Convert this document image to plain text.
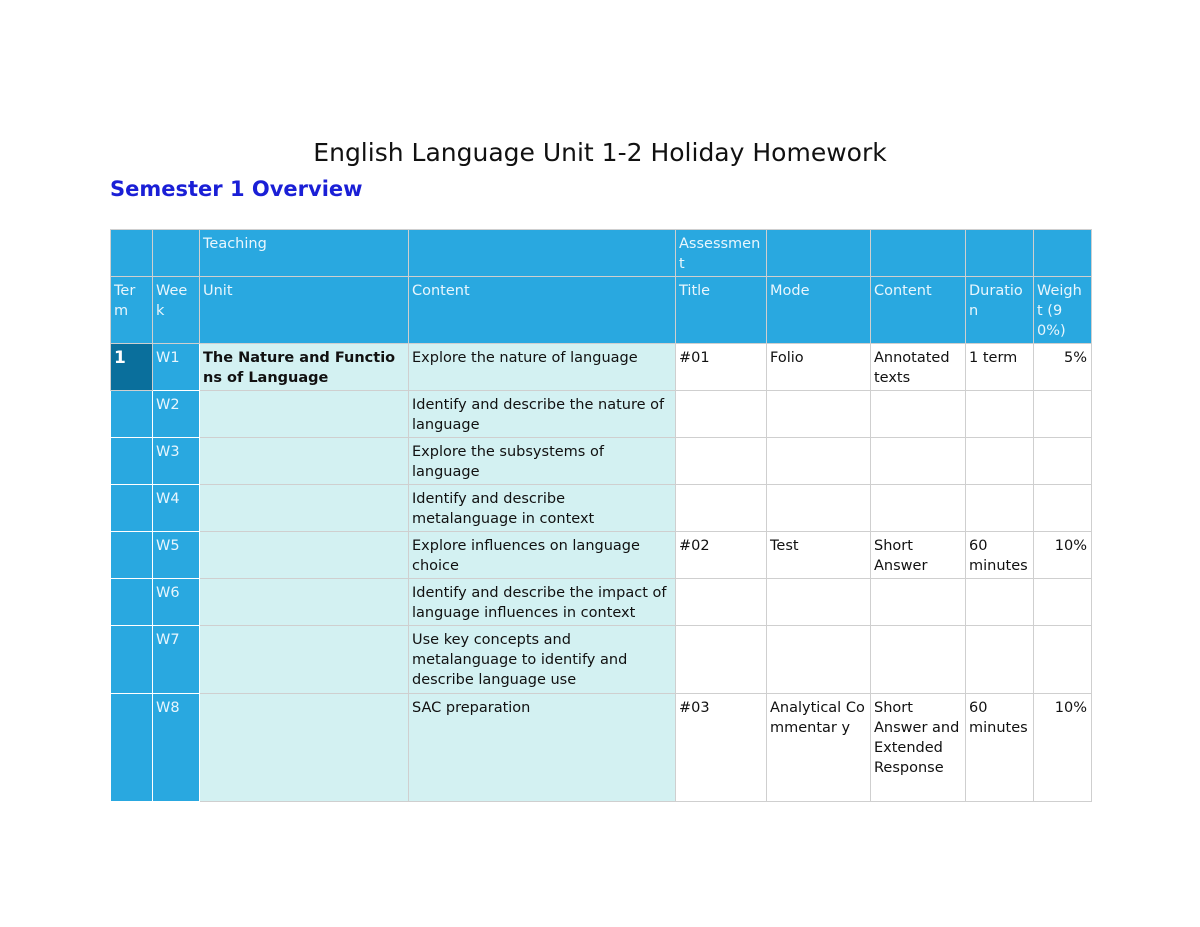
English Language Unit 1-2 Holiday Homework
Semester 1 Overview
		Teaching		Assessmen t				
Ter m	Wee k	Unit	Content	Title	Mode	Content	Duratio n	Weigh t (90%)
1	W1	The Nature and Functions of Language	Explore the nature of language	#01	Folio	Annotated texts	1 term	5%
	W2		Identify and describe the nature of language					
	W3		Explore the subsystems of language					
	W4		Identify and describe metalanguage in context					
	W5		Explore influences on language choice	#02	Test	Short Answer	60 minutes	10%
	W6		Identify and describe the impact of language influences in context					
	W7		Use key concepts and metalanguage to identify and describe language use					
	W8		SAC preparation	#03	Analytical Commentar y	Short Answer and Extended Response	60 minutes	10%
